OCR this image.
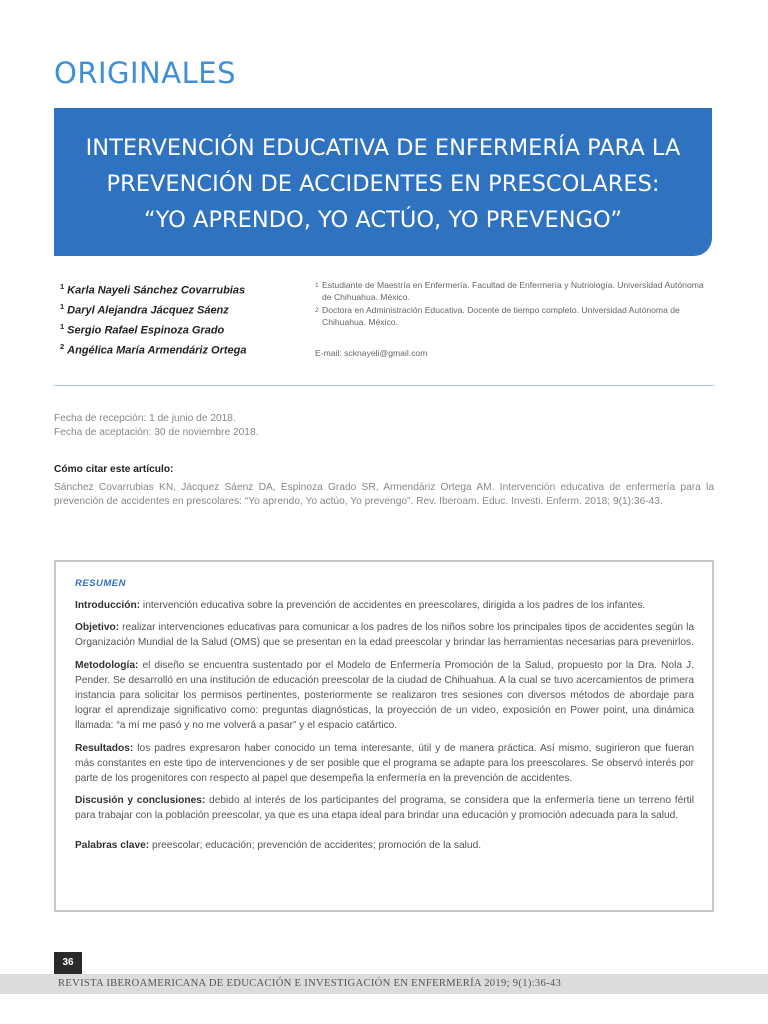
ORIGINALES
INTERVENCIÓN EDUCATIVA DE ENFERMERÍA PARA LA
PREVENCIÓN DE ACCIDENTES EN PRESCOLARES:
“YO APRENDO, YO ACTÚO, YO PREVENGO”
$^1$ Karla Nayeli Sánchez Covarrubias
$^1$ Daryl Alejandra Jácquez Sáenz
$^1$ Sergio Rafael Espinoza Grado
$^2$ Angélica María Armendáriz Ortega
1 Estudiante de Maestría en Enfermería. Facultad de Enfermería y Nutriología. Universidad Autónoma de Chihuahua. México.
2 Doctora en Administración Educativa. Docente de tiempo completo. Universidad Autónoma de Chihuahua. México.
E-mail: scknayeli@gmail.com
Fecha de recepción: 1 de junio de 2018.
Fecha de aceptación: 30 de noviembre 2018.
Cómo citar este artículo:
Sánchez Covarrubias KN, Jácquez Sáenz DA, Espinoza Grado SR, Armendáriz Ortega AM. Intervención educativa de enfermería para la prevención de accidentes en prescolares: “Yo aprendo, Yo actúo, Yo prevengo”. Rev. Iberoam. Educ. Investi. Enferm. 2018; 9(1):36-43.
RESUMEN
Introducción: intervención educativa sobre la prevención de accidentes en preescolares, dirigida a los padres de los infantes.
Objetivo: realizar intervenciones educativas para comunicar a los padres de los niños sobre los principales tipos de accidentes según la Organización Mundial de la Salud (OMS) que se presentan en la edad preescolar y brindar las herramientas necesarias para prevenirlos.
Metodología: el diseño se encuentra sustentado por el Modelo de Enfermería Promoción de la Salud, propuesto por la Dra. Nola J. Pender. Se desarrolló en una institución de educación preescolar de la ciudad de Chihuahua. A la cual se tuvo acercamientos de primera instancia para solicitar los permisos pertinentes, posteriormente se realizaron tres sesiones con diversos métodos de abordaje para lograr el aprendizaje significativo como: preguntas diagnósticas, la proyección de un video, exposición en Power point, una dinámica llamada: “a mí me pasó y no me volverá a pasar” y el espacio catártico.
Resultados: los padres expresaron haber conocido un tema interesante, útil y de manera práctica. Así mismo, sugirieron que fueran más constantes en este tipo de intervenciones y de ser posible que el programa se adapte para los preescolares. Se observó interés por parte de los progenitores con respecto al papel que desempeña la enfermería en la prevención de accidentes.
Discusión y conclusiones: debido al interés de los participantes del programa, se considera que la enfermería tiene un terreno fértil para trabajar con la población preescolar, ya que es una etapa ideal para brindar una educación y promoción adecuada para la salud.
Palabras clave: preescolar; educación; prevención de accidentes; promoción de la salud.
36
REVISTA IBEROAMERICANA DE EDUCACIÓN E INVESTIGACIÓN EN ENFERMERÍA 2019; 9(1):36-43
